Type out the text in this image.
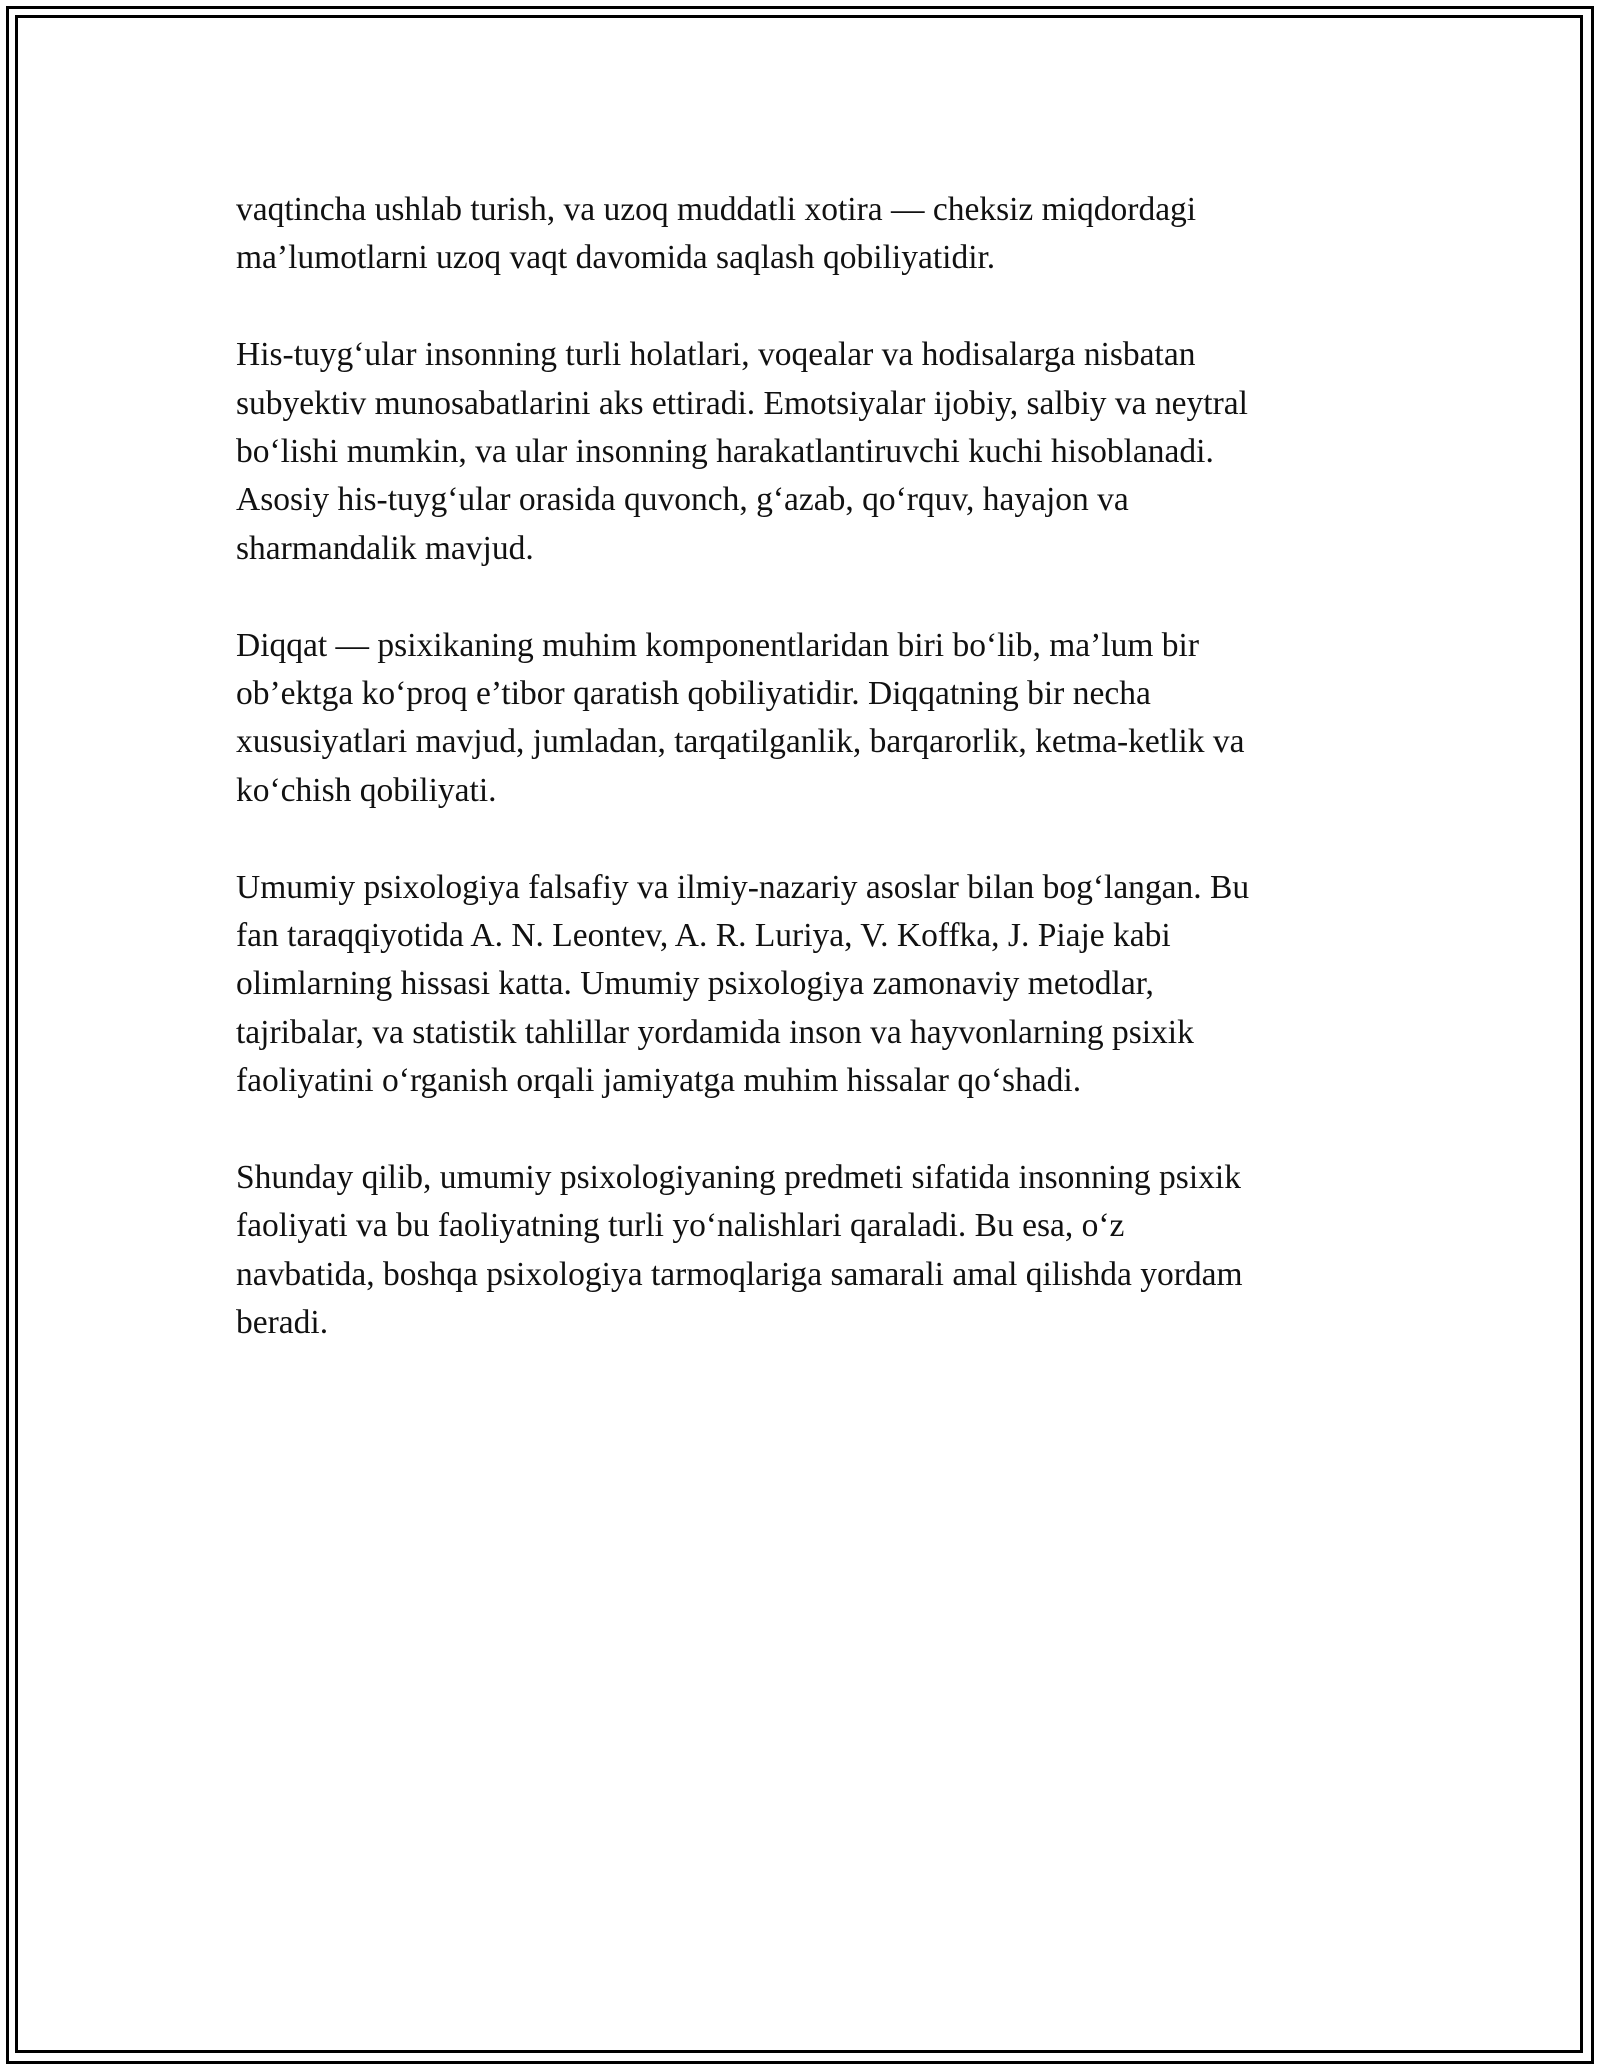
vaqtincha ushlab turish, va uzoq muddatli xotira — cheksiz miqdordagi
ma’lumotlarni uzoq vaqt davomida saqlash qobiliyatidir.

His-tuyg‘ular insonning turli holatlari, voqealar va hodisalarga nisbatan
subyektiv munosabatlarini aks ettiradi. Emotsiyalar ijobiy, salbiy va neytral
bo‘lishi mumkin, va ular insonning harakatlantiruvchi kuchi hisoblanadi.
Asosiy his-tuyg‘ular orasida quvonch, g‘azab, qo‘rquv, hayajon va
sharmandalik mavjud.

Diqqat — psixikaning muhim komponentlaridan biri bo‘lib, ma’lum bir
ob’ektga ko‘proq e’tibor qaratish qobiliyatidir. Diqqatning bir necha
xususiyatlari mavjud, jumladan, tarqatilganlik, barqarorlik, ketma-ketlik va
ko‘chish qobiliyati.

Umumiy psixologiya falsafiy va ilmiy-nazariy asoslar bilan bog‘langan. Bu
fan taraqqiyotida A. N. Leontev, A. R. Luriya, V. Koffka, J. Piaje kabi
olimlarning hissasi katta. Umumiy psixologiya zamonaviy metodlar,
tajribalar, va statistik tahlillar yordamida inson va hayvonlarning psixik
faoliyatini o‘rganish orqali jamiyatga muhim hissalar qo‘shadi.

Shunday qilib, umumiy psixologiyaning predmeti sifatida insonning psixik
faoliyati va bu faoliyatning turli yo‘nalishlari qaraladi. Bu esa, o‘z
navbatida, boshqa psixologiya tarmoqlariga samarali amal qilishda yordam
beradi.
